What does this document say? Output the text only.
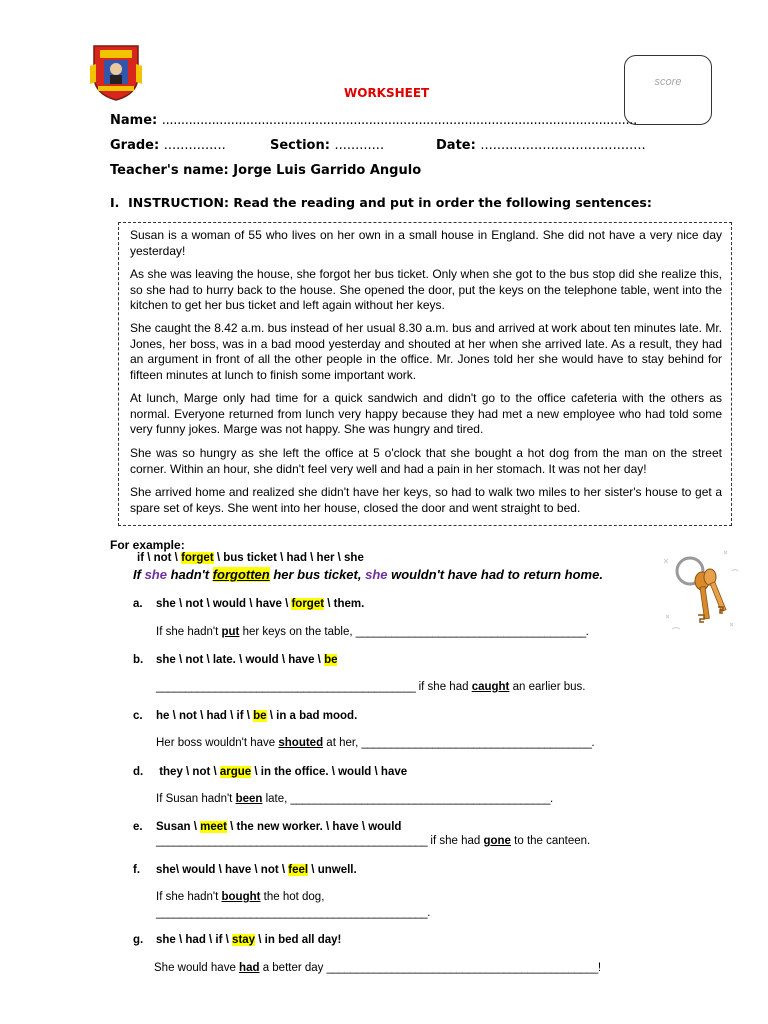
score
WORKSHEET
Name: ............................................................................................................................
Grade: ...............	Section: ............	Date: ........................................
Teacher's name: Jorge Luis Garrido Angulo
I. INSTRUCTION: Read the reading and put in order the following sentences:

Susan is a woman of 55 who lives on her own in a small house in England. She did not have a very nice day yesterday!

As she was leaving the house, she forgot her bus ticket. Only when she got to the bus stop did she realize this, so she had to hurry back to the house. She opened the door, put the keys on the telephone table, went into the kitchen to get her bus ticket and left again without her keys.

She caught the 8.42 a.m. bus instead of her usual 8.30 a.m. bus and arrived at work about ten minutes late. Mr. Jones, her boss, was in a bad mood yesterday and shouted at her when she arrived late. As a result, they had an argument in front of all the other people in the office. Mr. Jones told her she would have to stay behind for fifteen minutes at lunch to finish some important work.

At lunch, Marge only had time for a quick sandwich and didn't go to the office cafeteria with the others as normal. Everyone returned from lunch very happy because they had met a new employee who had told some very funny jokes. Marge was not happy. She was hungry and tired.

She was so hungry as she left the office at 5 o'clock that she bought a hot dog from the man on the street corner. Within an hour, she didn't feel very well and had a pain in her stomach. It was not her day!

She arrived home and realized she didn't have her keys, so had to walk two miles to her sister's house to get a spare set of keys. She went into her house, closed the door and went straight to bed.

For example:
if \ not \ forget \ bus ticket \ had \ her \ she
If she hadn't forgotten her bus ticket, she wouldn't have had to return home.
a. she \ not \ would \ have \ forget \ them.
If she hadn't put her keys on the table, _______________________________________.
b. she \ not \ late. \ would \ have \ be
____________________________________________ if she had caught an earlier bus.
c. he \ not \ had \ if \ be \ in a bad mood.
Her boss wouldn't have shouted at her, _______________________________________.
d. they \ not \ argue \ in the office. \ would \ have
If Susan hadn't been late, ____________________________________________.
e. Susan \ meet \ the new worker. \ have \ would
______________________________________________ if she had gone to the canteen.
f. she\ would \ have \ not \ feel \ unwell.
If she hadn't bought the hot dog,
______________________________________________.
g. she \ had \ if \ stay \ in bed all day!
She would have had a better day ______________________________________________!
